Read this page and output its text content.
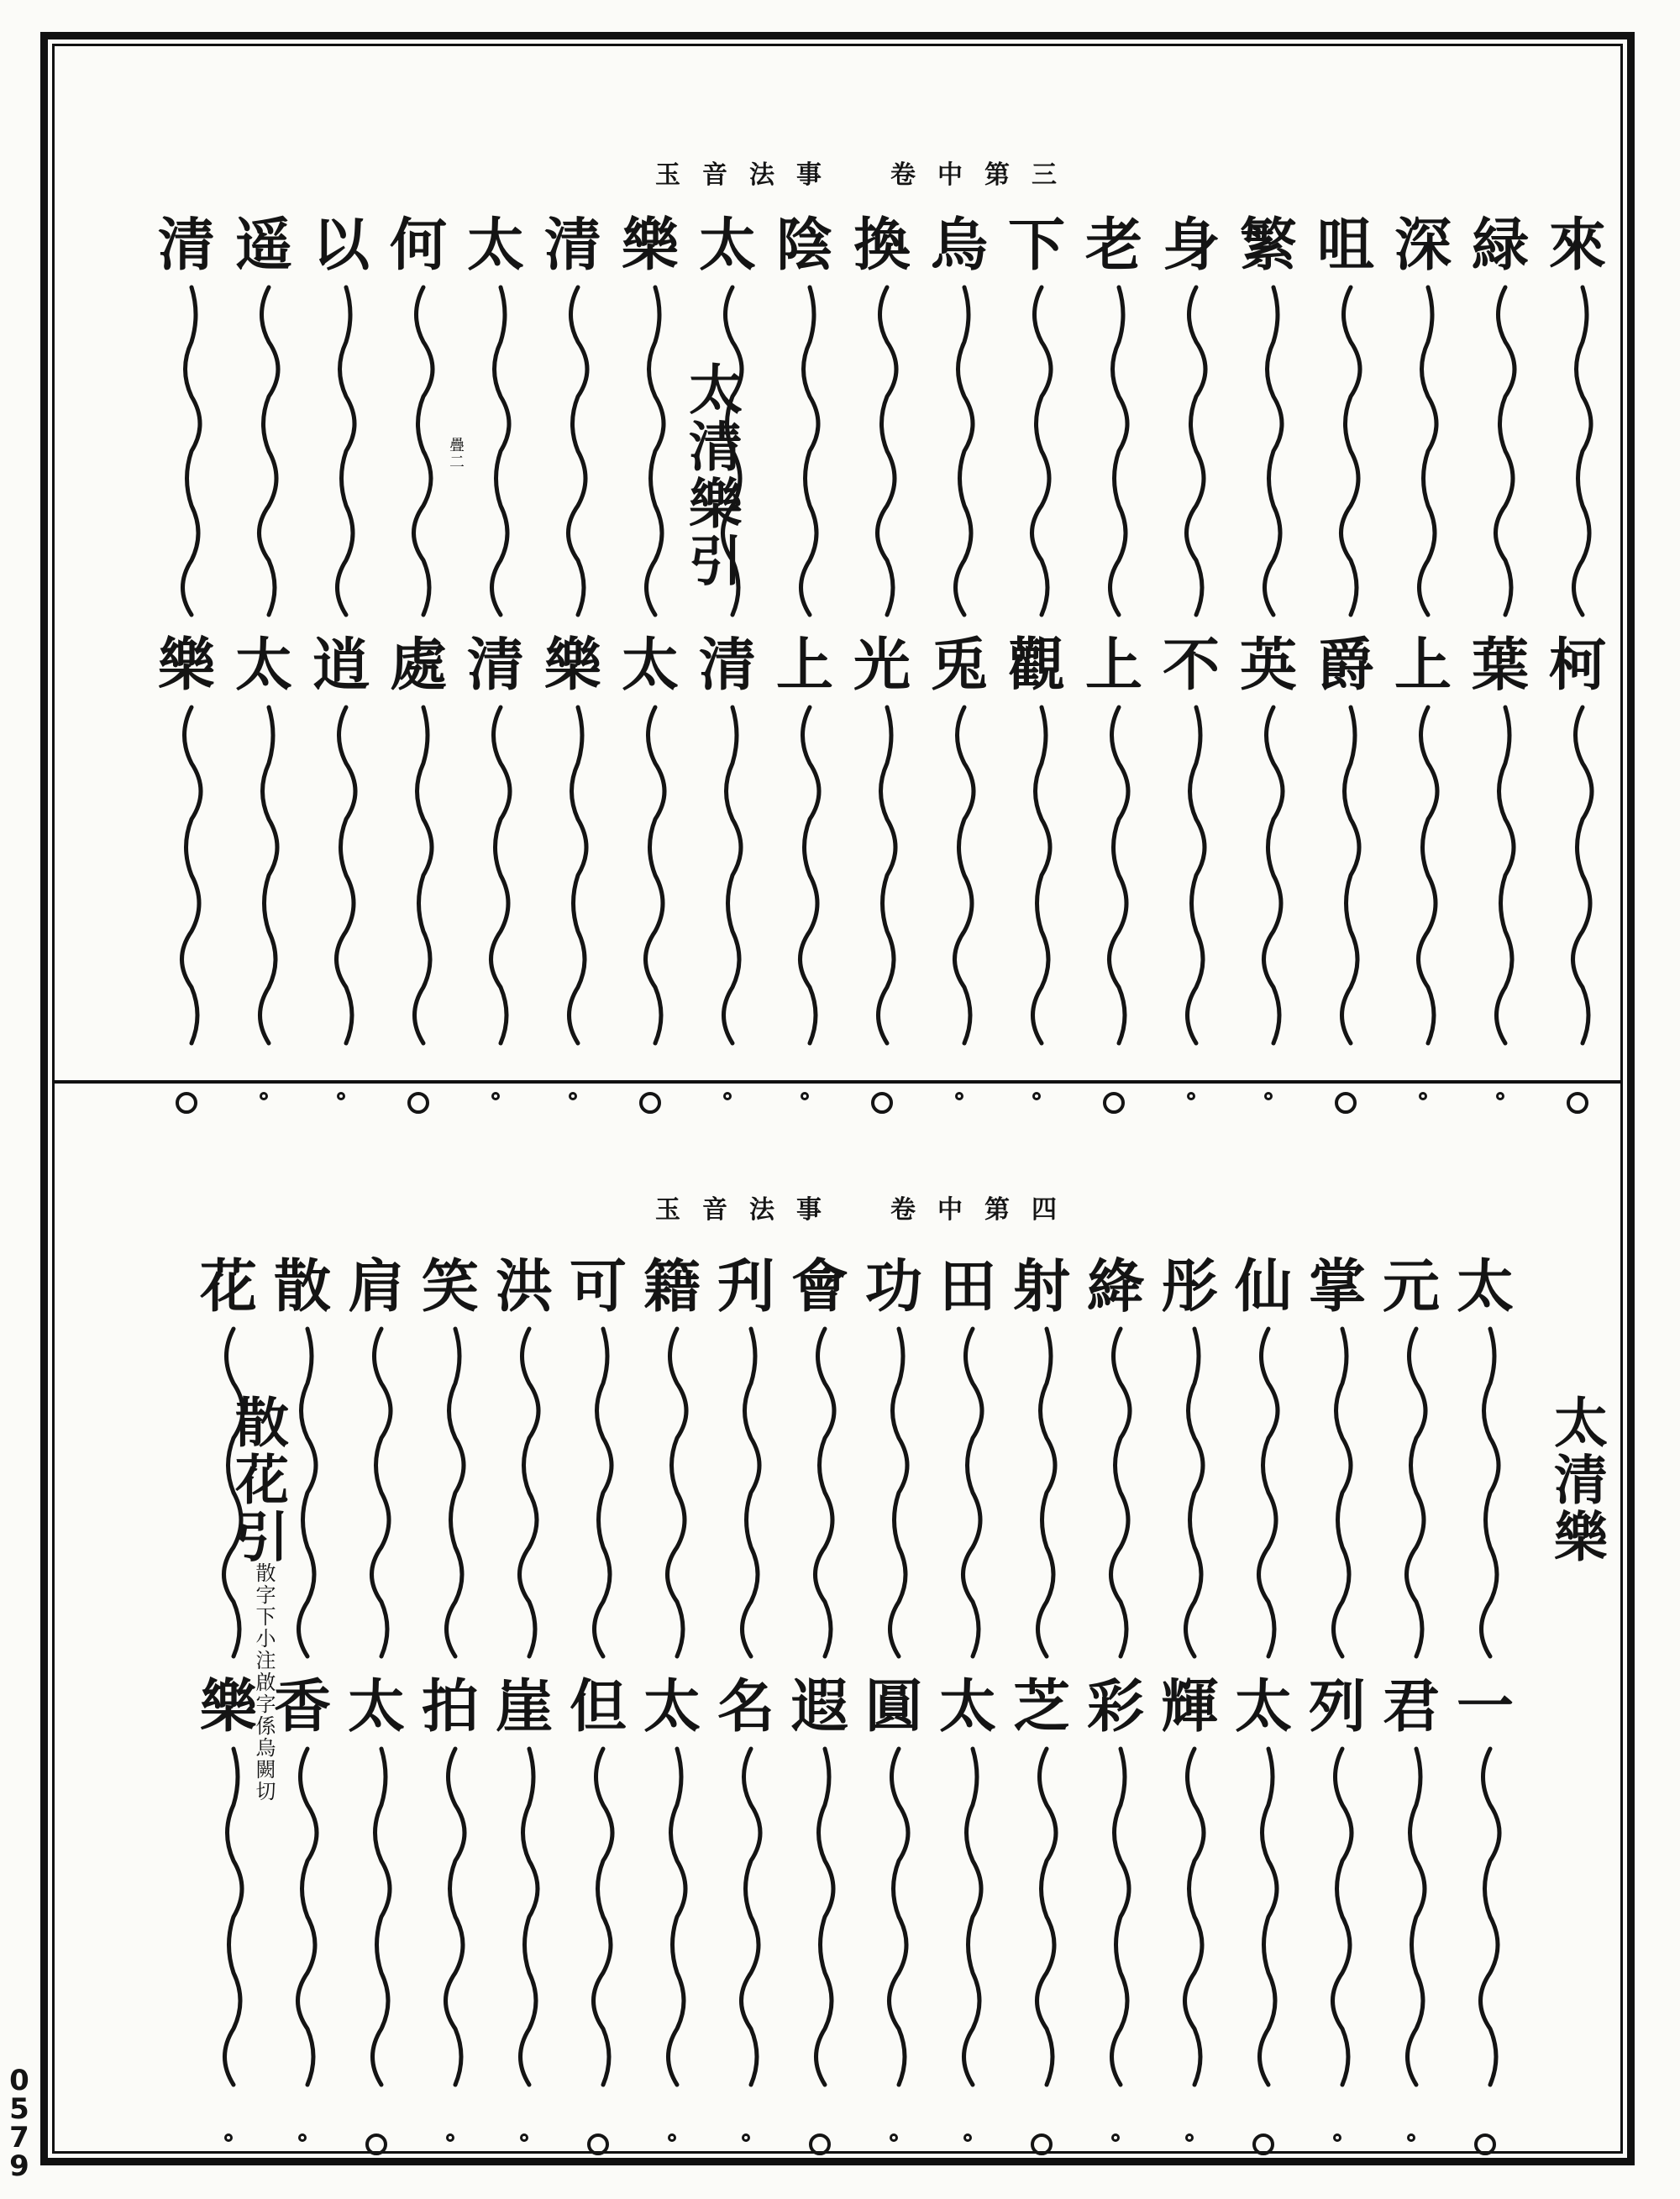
玉音法事　卷中第三
玉音法事　卷中第四
0579
來
柯
緑
葉
深
上
咀
爵
繁
英
身
不
老
上
下
觀
烏
兎
換
光
陰
上
太
清
樂
太
清
樂
太
清
何
處
以
逍
遥
太
清
樂
太
一
元
君
掌
列
仙
太
彤
輝
絳
彩
射
芝
田
太
功
圓
會
遐
刋
名
籍
太
可
但
洪
崖
笑
拍
肩
太
散
香
花
樂
太清樂引
太清樂
散花引
散字下小注啟字係烏闕切
疊二
